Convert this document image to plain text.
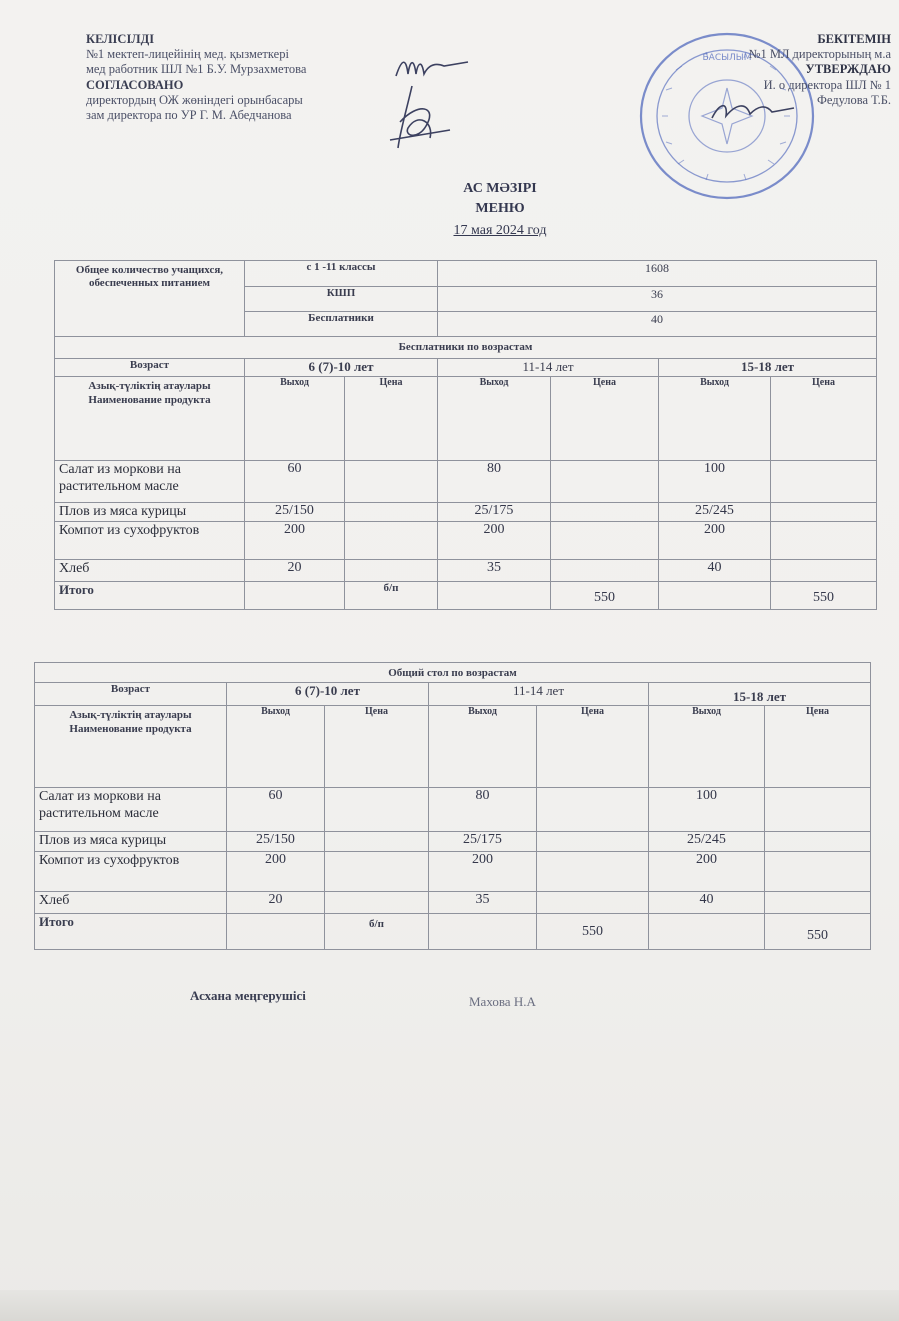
КЕЛІСІЛДІ
№1 мектеп-лицейінің мед. қызметкері
мед работник ШЛ №1 Б.У. Мурзахметова
СОГЛАСОВАНО
директордың ОЖ жөніндегі орынбасары
зам директора по УР Г. М. Абедчанова
БАСЫЛЫМ
БЕКІТЕМІН
№1 МЛ директорының м.а
УТВЕРЖДАЮ
И. о директора ШЛ № 1
Федулова Т.Б.
АС МӘЗІРІ
МЕНЮ
17 мая 2024 год
Общее количество учащихся, обеспеченных питанием	с 1 -11 классы		1608			
	КШП		36			
	Бесплатники		40			
Бесплатники по возрастам						
Возраст	6 (7)-10 лет		11-14 лет		15-18 лет	
Азық-түліктің атаулары Наименование продукта	Выход	Цена	Выход	Цена	Выход	Цена
Салат из моркови на растительном масле	60		80		100	
Плов из мяса курицы	25/150		25/175		25/245	
Компот из сухофруктов	200		200		200	
Хлеб	20		35		40	
Итого		б/п		550		550
Общий стол по возрастам						
Возраст	6 (7)-10 лет		11-14 лет		15-18 лет	
Азық-түліктің атаулары Наименование продукта	Выход	Цена	Выход	Цена	Выход	Цена
Салат из моркови на растительном масле	60		80		100	
Плов из мяса курицы	25/150		25/175		25/245	
Компот из сухофруктов	200		200		200	
Хлеб	20		35		40	
Итого		б/п		550		550
Асхана меңгерушісі	Махова Н.А
